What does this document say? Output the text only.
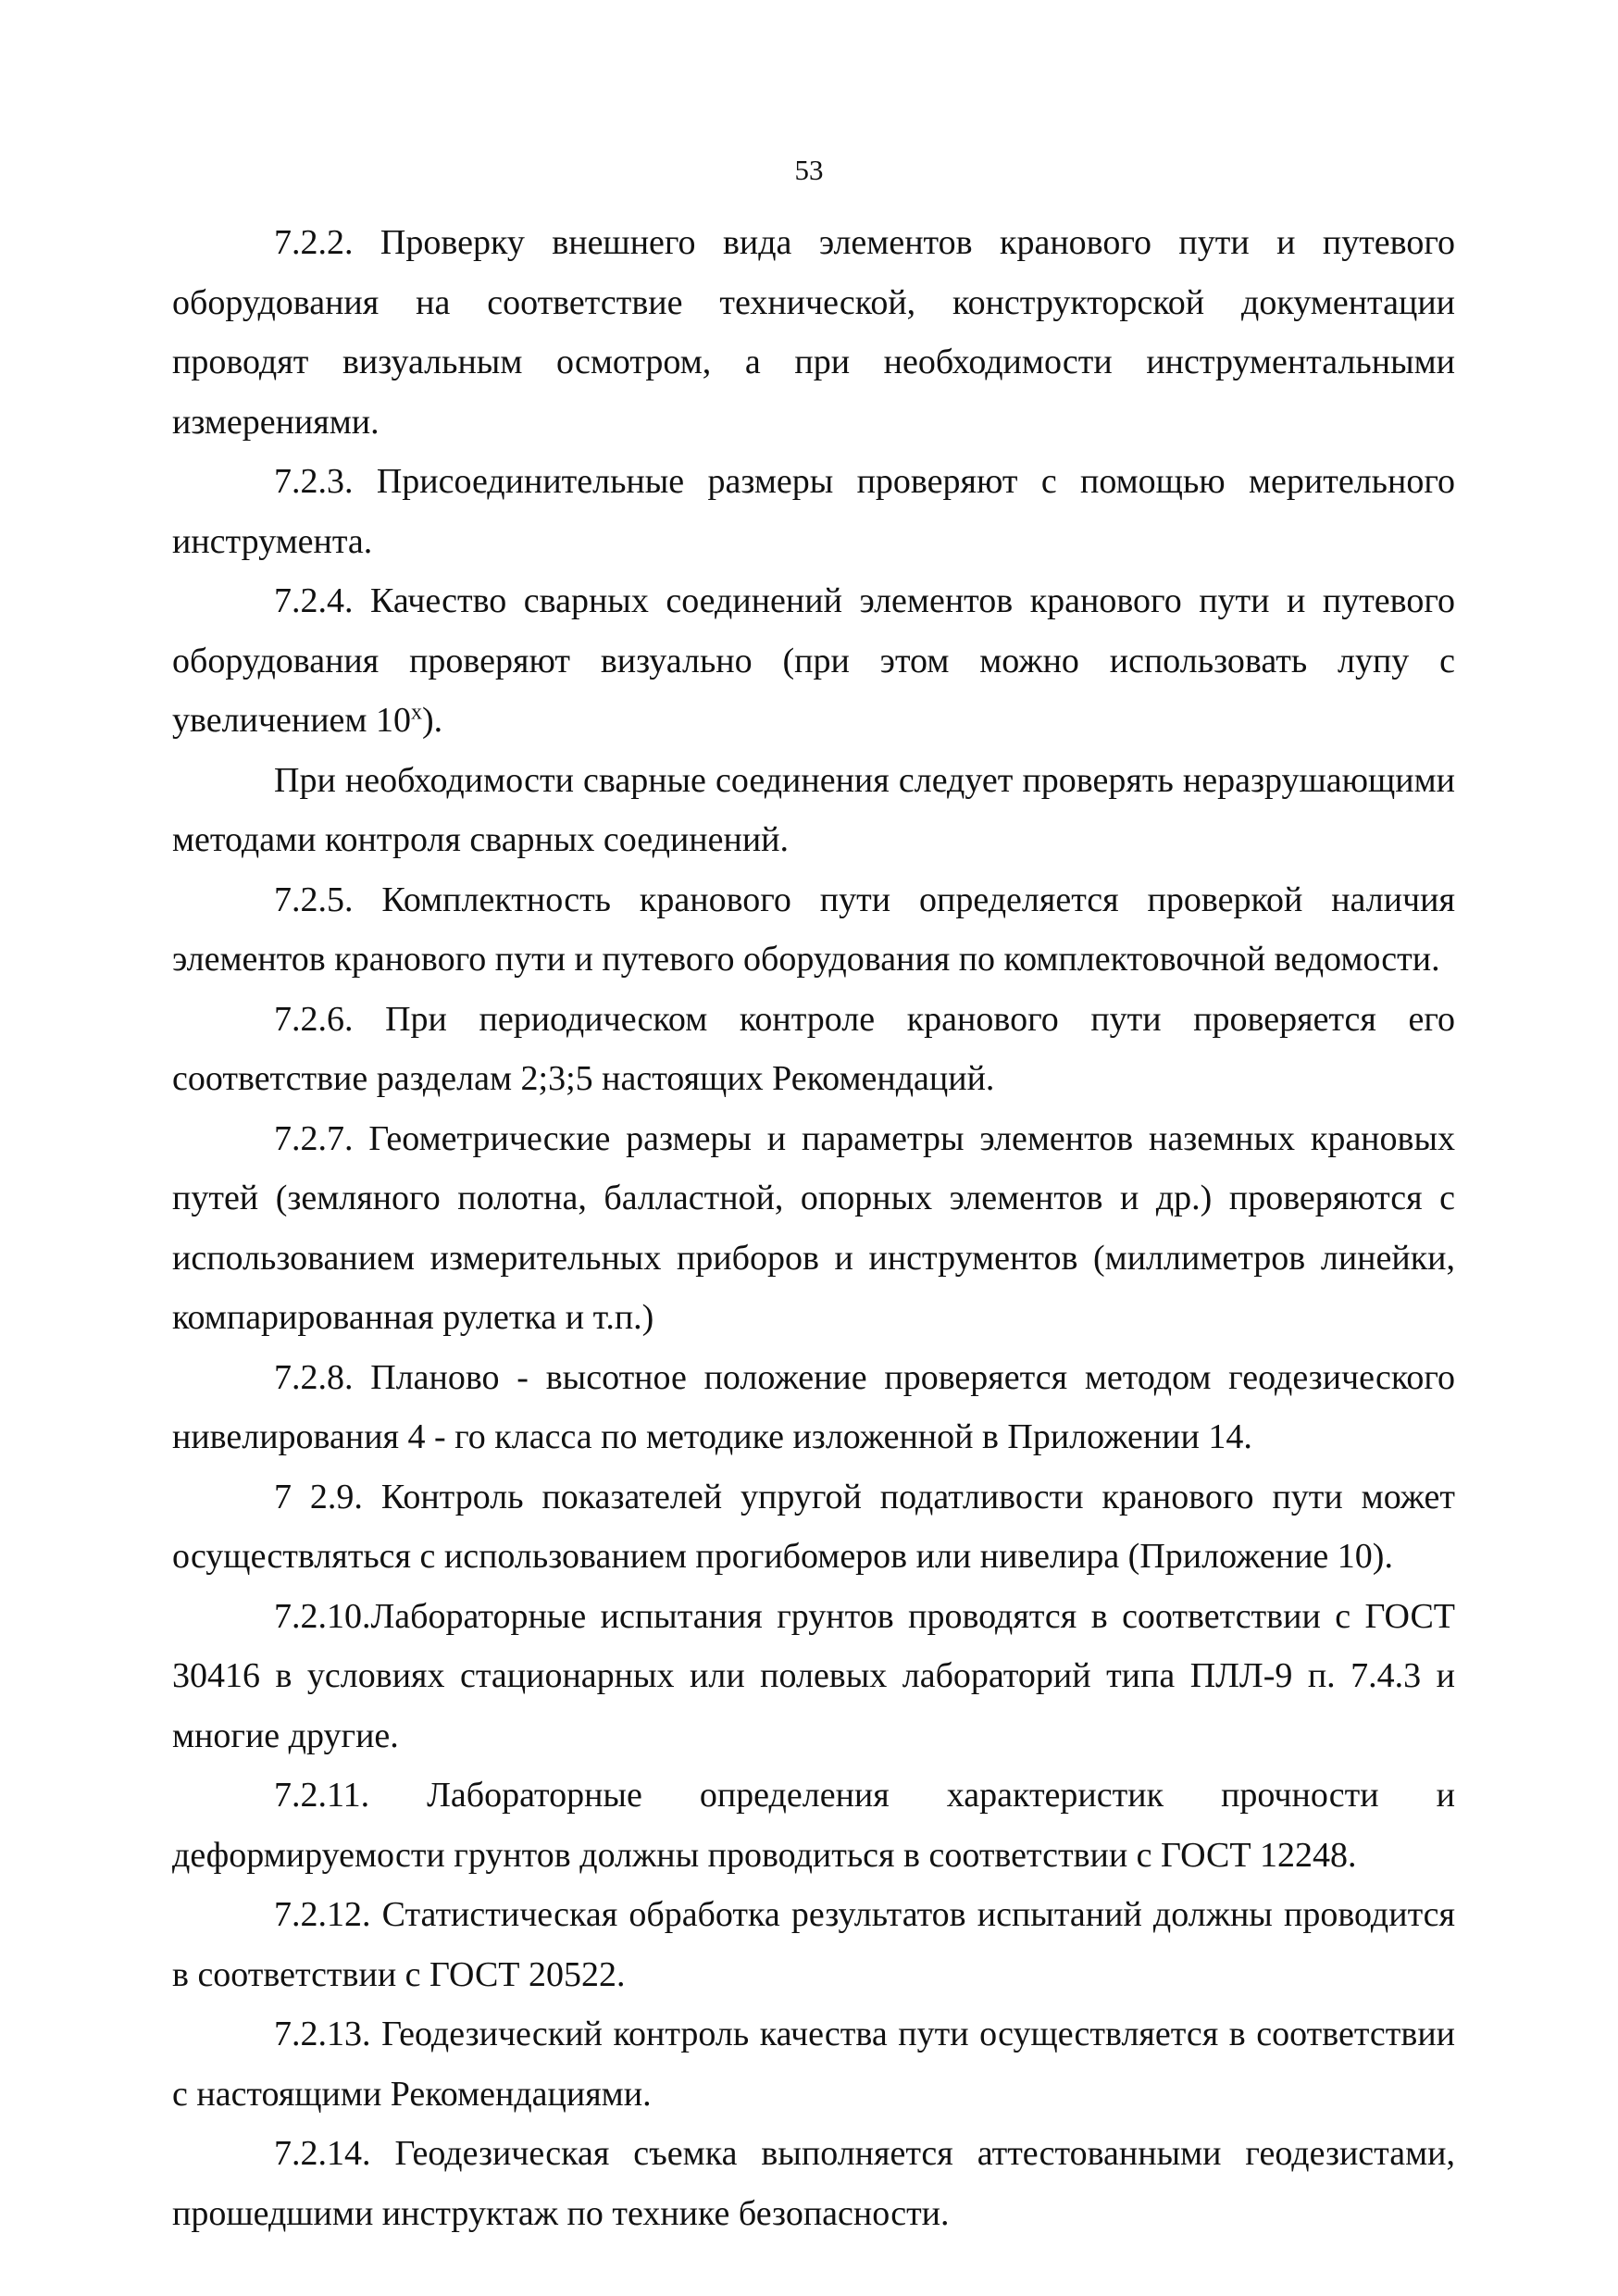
53

7.2.2. Проверку внешнего вида элементов кранового пути и путевого оборудования на соответствие технической, конструкторской документации проводят визуальным осмотром, а при необходимости инструментальными измерениями.

7.2.3. Присоединительные размеры проверяют с помощью мерительного инструмента.

7.2.4. Качество сварных соединений элементов кранового пути и путевого оборудования проверяют визуально (при этом можно использовать лупу с увеличением 10$^x$).

При необходимости сварные соединения следует проверять неразрушающими методами контроля сварных соединений.

7.2.5. Комплектность кранового пути определяется проверкой наличия элементов кранового пути и путевого оборудования по комплектовочной ведомости.

7.2.6. При периодическом контроле кранового пути проверяется его соответствие разделам 2;3;5 настоящих Рекомендаций.

7.2.7. Геометрические размеры и параметры элементов наземных крановых путей (земляного полотна, балластной, опорных элементов и др.) проверяются с использованием измерительных приборов и инструментов (миллиметров линейки, компарированная рулетка и т.п.)

7.2.8. Планово - высотное положение проверяется методом геодезического нивелирования 4 - го класса по методике изложенной в Приложении 14.

7 2.9. Контроль показателей упругой податливости кранового пути может осуществляться с использованием прогибомеров или нивелира (Приложение 10).

7.2.10.Лабораторные испытания грунтов проводятся в соответствии с ГОСТ 30416 в условиях стационарных или полевых лабораторий типа ПЛЛ-9 п. 7.4.3 и многие другие.

7.2.11. Лабораторные определения характеристик прочности и деформируемости грунтов должны проводиться в соответствии с ГОСТ 12248.

7.2.12. Статистическая обработка результатов испытаний должны проводится в соответствии с ГОСТ 20522.

7.2.13. Геодезический контроль качества пути осуществляется в соответствии с настоящими Рекомендациями.

7.2.14. Геодезическая съемка выполняется аттестованными геодезистами, прошедшими инструктаж по технике безопасности.
